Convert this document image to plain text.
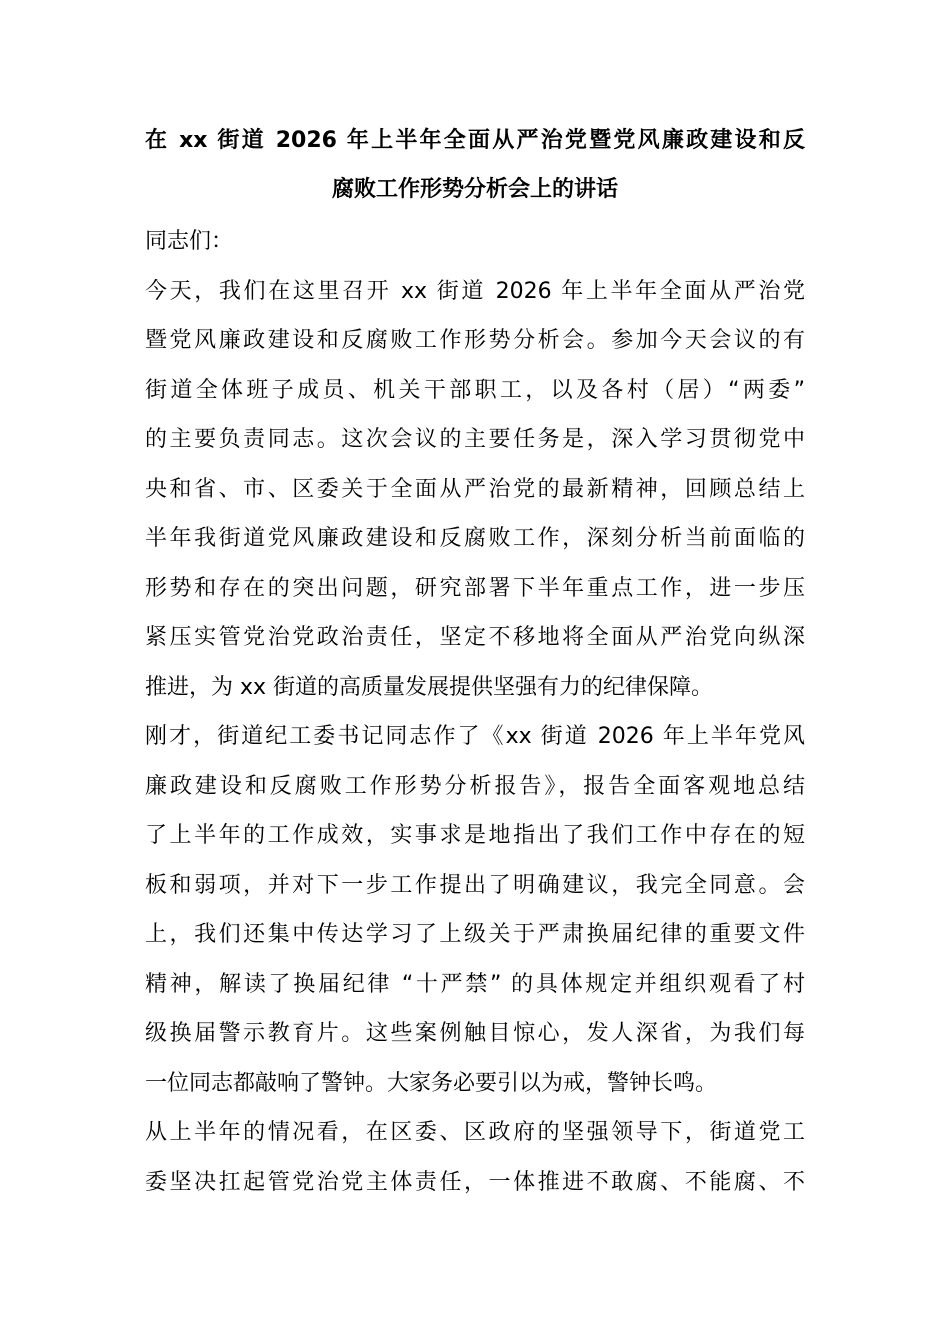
在 xx 街道 2026 年上半年全面从严治党暨党风廉政建设和反
腐败工作形势分析会上的讲话
同志们：
今天，我们在这里召开 xx 街道 2026 年上半年全面从严治党
暨党风廉政建设和反腐败工作形势分析会。参加今天会议的有
街道全体班子成员、机关干部职工，以及各村（居）“两委”
的主要负责同志。这次会议的主要任务是，深入学习贯彻党中
央和省、市、区委关于全面从严治党的最新精神，回顾总结上
半年我街道党风廉政建设和反腐败工作，深刻分析当前面临的
形势和存在的突出问题，研究部署下半年重点工作，进一步压
紧压实管党治党政治责任，坚定不移地将全面从严治党向纵深
推进，为 xx 街道的高质量发展提供坚强有力的纪律保障。
刚才，街道纪工委书记同志作了《xx 街道 2026 年上半年党风
廉政建设和反腐败工作形势分析报告》，报告全面客观地总结
了上半年的工作成效，实事求是地指出了我们工作中存在的短
板和弱项，并对下一步工作提出了明确建议，我完全同意。会
上，我们还集中传达学习了上级关于严肃换届纪律的重要文件
精神，解读了换届纪律 “十严禁” 的具体规定并组织观看了村
级换届警示教育片。这些案例触目惊心，发人深省，为我们每
一位同志都敲响了警钟。大家务必要引以为戒，警钟长鸣。
从上半年的情况看，在区委、区政府的坚强领导下，街道党工
委坚决扛起管党治党主体责任，一体推进不敢腐、不能腐、不
